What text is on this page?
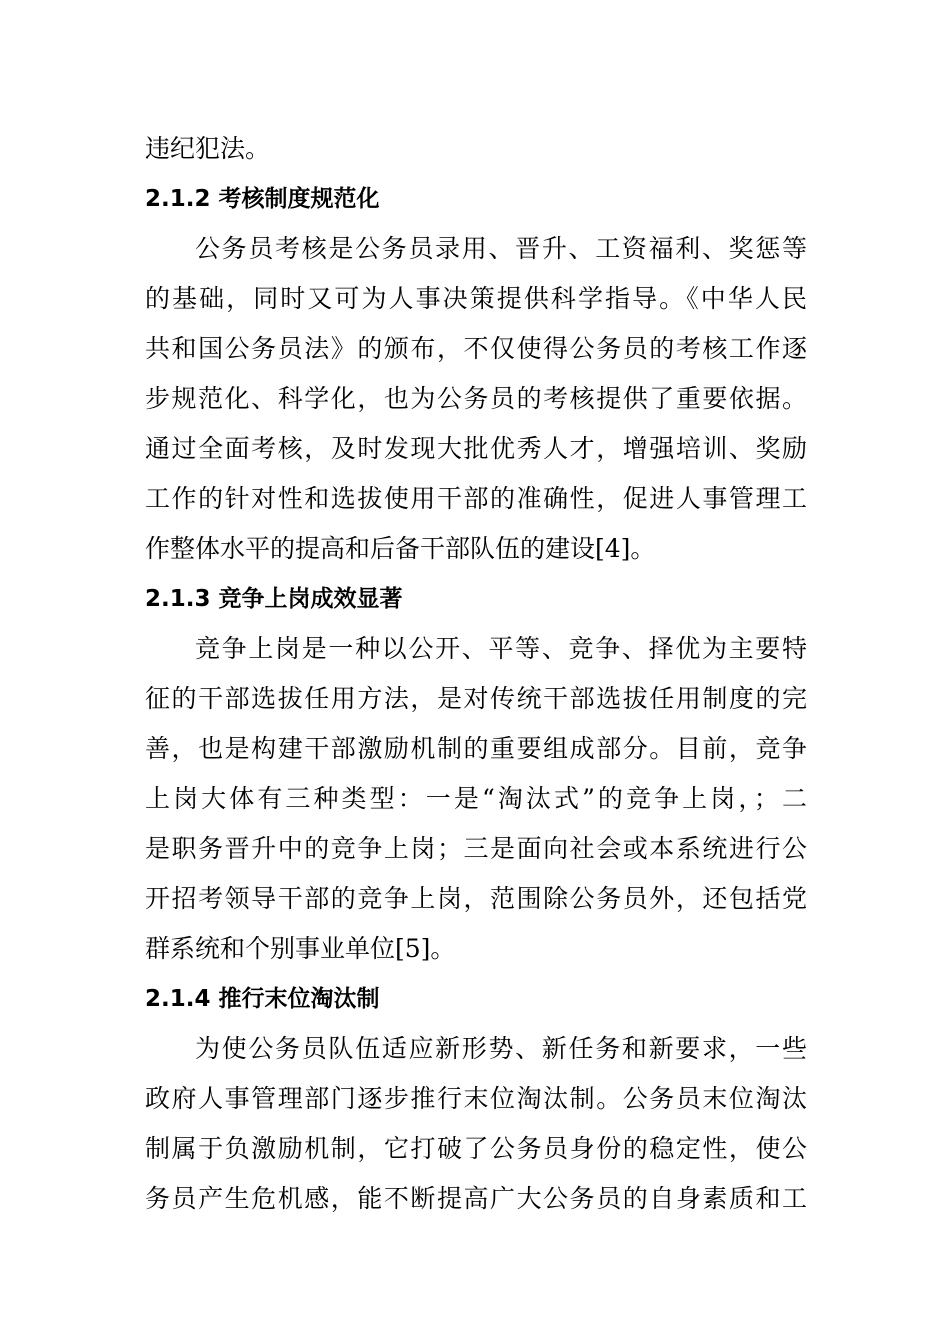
违纪犯法。
2.1.2 考核制度规范化
公务员考核是公务员录用、晋升、工资福利、奖惩等
的基础，同时又可为人事决策提供科学指导。《中华人民
共和国公务员法》的颁布，不仅使得公务员的考核工作逐
步规范化、科学化，也为公务员的考核提供了重要依据。
通过全面考核，及时发现大批优秀人才，增强培训、奖励
工作的针对性和选拔使用干部的准确性，促进人事管理工
作整体水平的提高和后备干部队伍的建设[4]。
2.1.3 竞争上岗成效显著
竞争上岗是一种以公开、平等、竞争、择优为主要特
征的干部选拔任用方法，是对传统干部选拔任用制度的完
善，也是构建干部激励机制的重要组成部分。目前，竞争
上岗大体有三种类型：一是“淘汰式”的竞争上岗，；二
是职务晋升中的竞争上岗；三是面向社会或本系统进行公
开招考领导干部的竞争上岗，范围除公务员外，还包括党
群系统和个别事业单位[5]。
2.1.4 推行末位淘汰制
为使公务员队伍适应新形势、新任务和新要求，一些
政府人事管理部门逐步推行末位淘汰制。公务员末位淘汰
制属于负激励机制，它打破了公务员身份的稳定性，使公
务员产生危机感，能不断提高广大公务员的自身素质和工
